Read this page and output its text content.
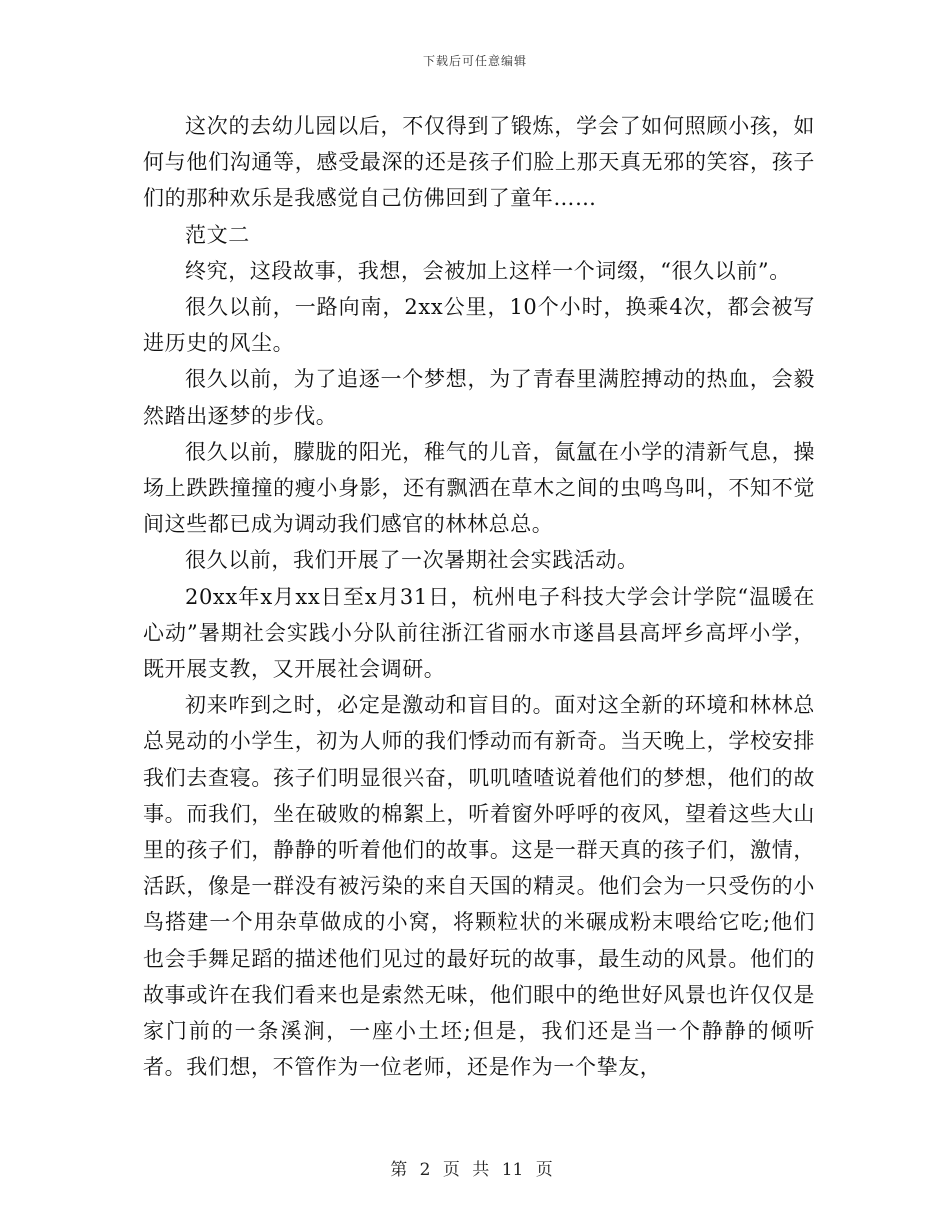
下载后可任意编辑

这次的去幼儿园以后，不仅得到了锻炼，学会了如何照顾小孩，如何与他们沟通等，感受最深的还是孩子们脸上那天真无邪的笑容，孩子们的那种欢乐是我感觉自己仿佛回到了童年……

范文二

终究，这段故事，我想，会被加上这样一个词缀，“很久以前”。

很久以前，一路向南，2xx公里，10个小时，换乘4次，都会被写进历史的风尘。

很久以前，为了追逐一个梦想，为了青春里满腔搏动的热血，会毅然踏出逐梦的步伐。

很久以前，朦胧的阳光，稚气的儿音，氤氲在小学的清新气息，操场上跌跌撞撞的瘦小身影，还有飘洒在草木之间的虫鸣鸟叫，不知不觉间这些都已成为调动我们感官的林林总总。

很久以前，我们开展了一次暑期社会实践活动。

20xx年x月xx日至x月31日，杭州电子科技大学会计学院“温暖在心动”暑期社会实践小分队前往浙江省丽水市遂昌县高坪乡高坪小学，既开展支教，又开展社会调研。

初来咋到之时，必定是激动和盲目的。面对这全新的环境和林林总总晃动的小学生，初为人师的我们悸动而有新奇。当天晚上，学校安排我们去查寝。孩子们明显很兴奋，叽叽喳喳说着他们的梦想，他们的故事。而我们，坐在破败的棉絮上，听着窗外呼呼的夜风，望着这些大山里的孩子们，静静的听着他们的故事。这是一群天真的孩子们，激情，活跃，像是一群没有被污染的来自天国的精灵。他们会为一只受伤的小鸟搭建一个用杂草做成的小窝，将颗粒状的米碾成粉末喂给它吃;他们也会手舞足蹈的描述他们见过的最好玩的故事，最生动的风景。他们的故事或许在我们看来也是索然无味，他们眼中的绝世好风景也许仅仅是家门前的一条溪涧，一座小土坯;但是，我们还是当一个静静的倾听者。我们想，不管作为一位老师，还是作为一个挚友，

第 2 页 共 11 页
